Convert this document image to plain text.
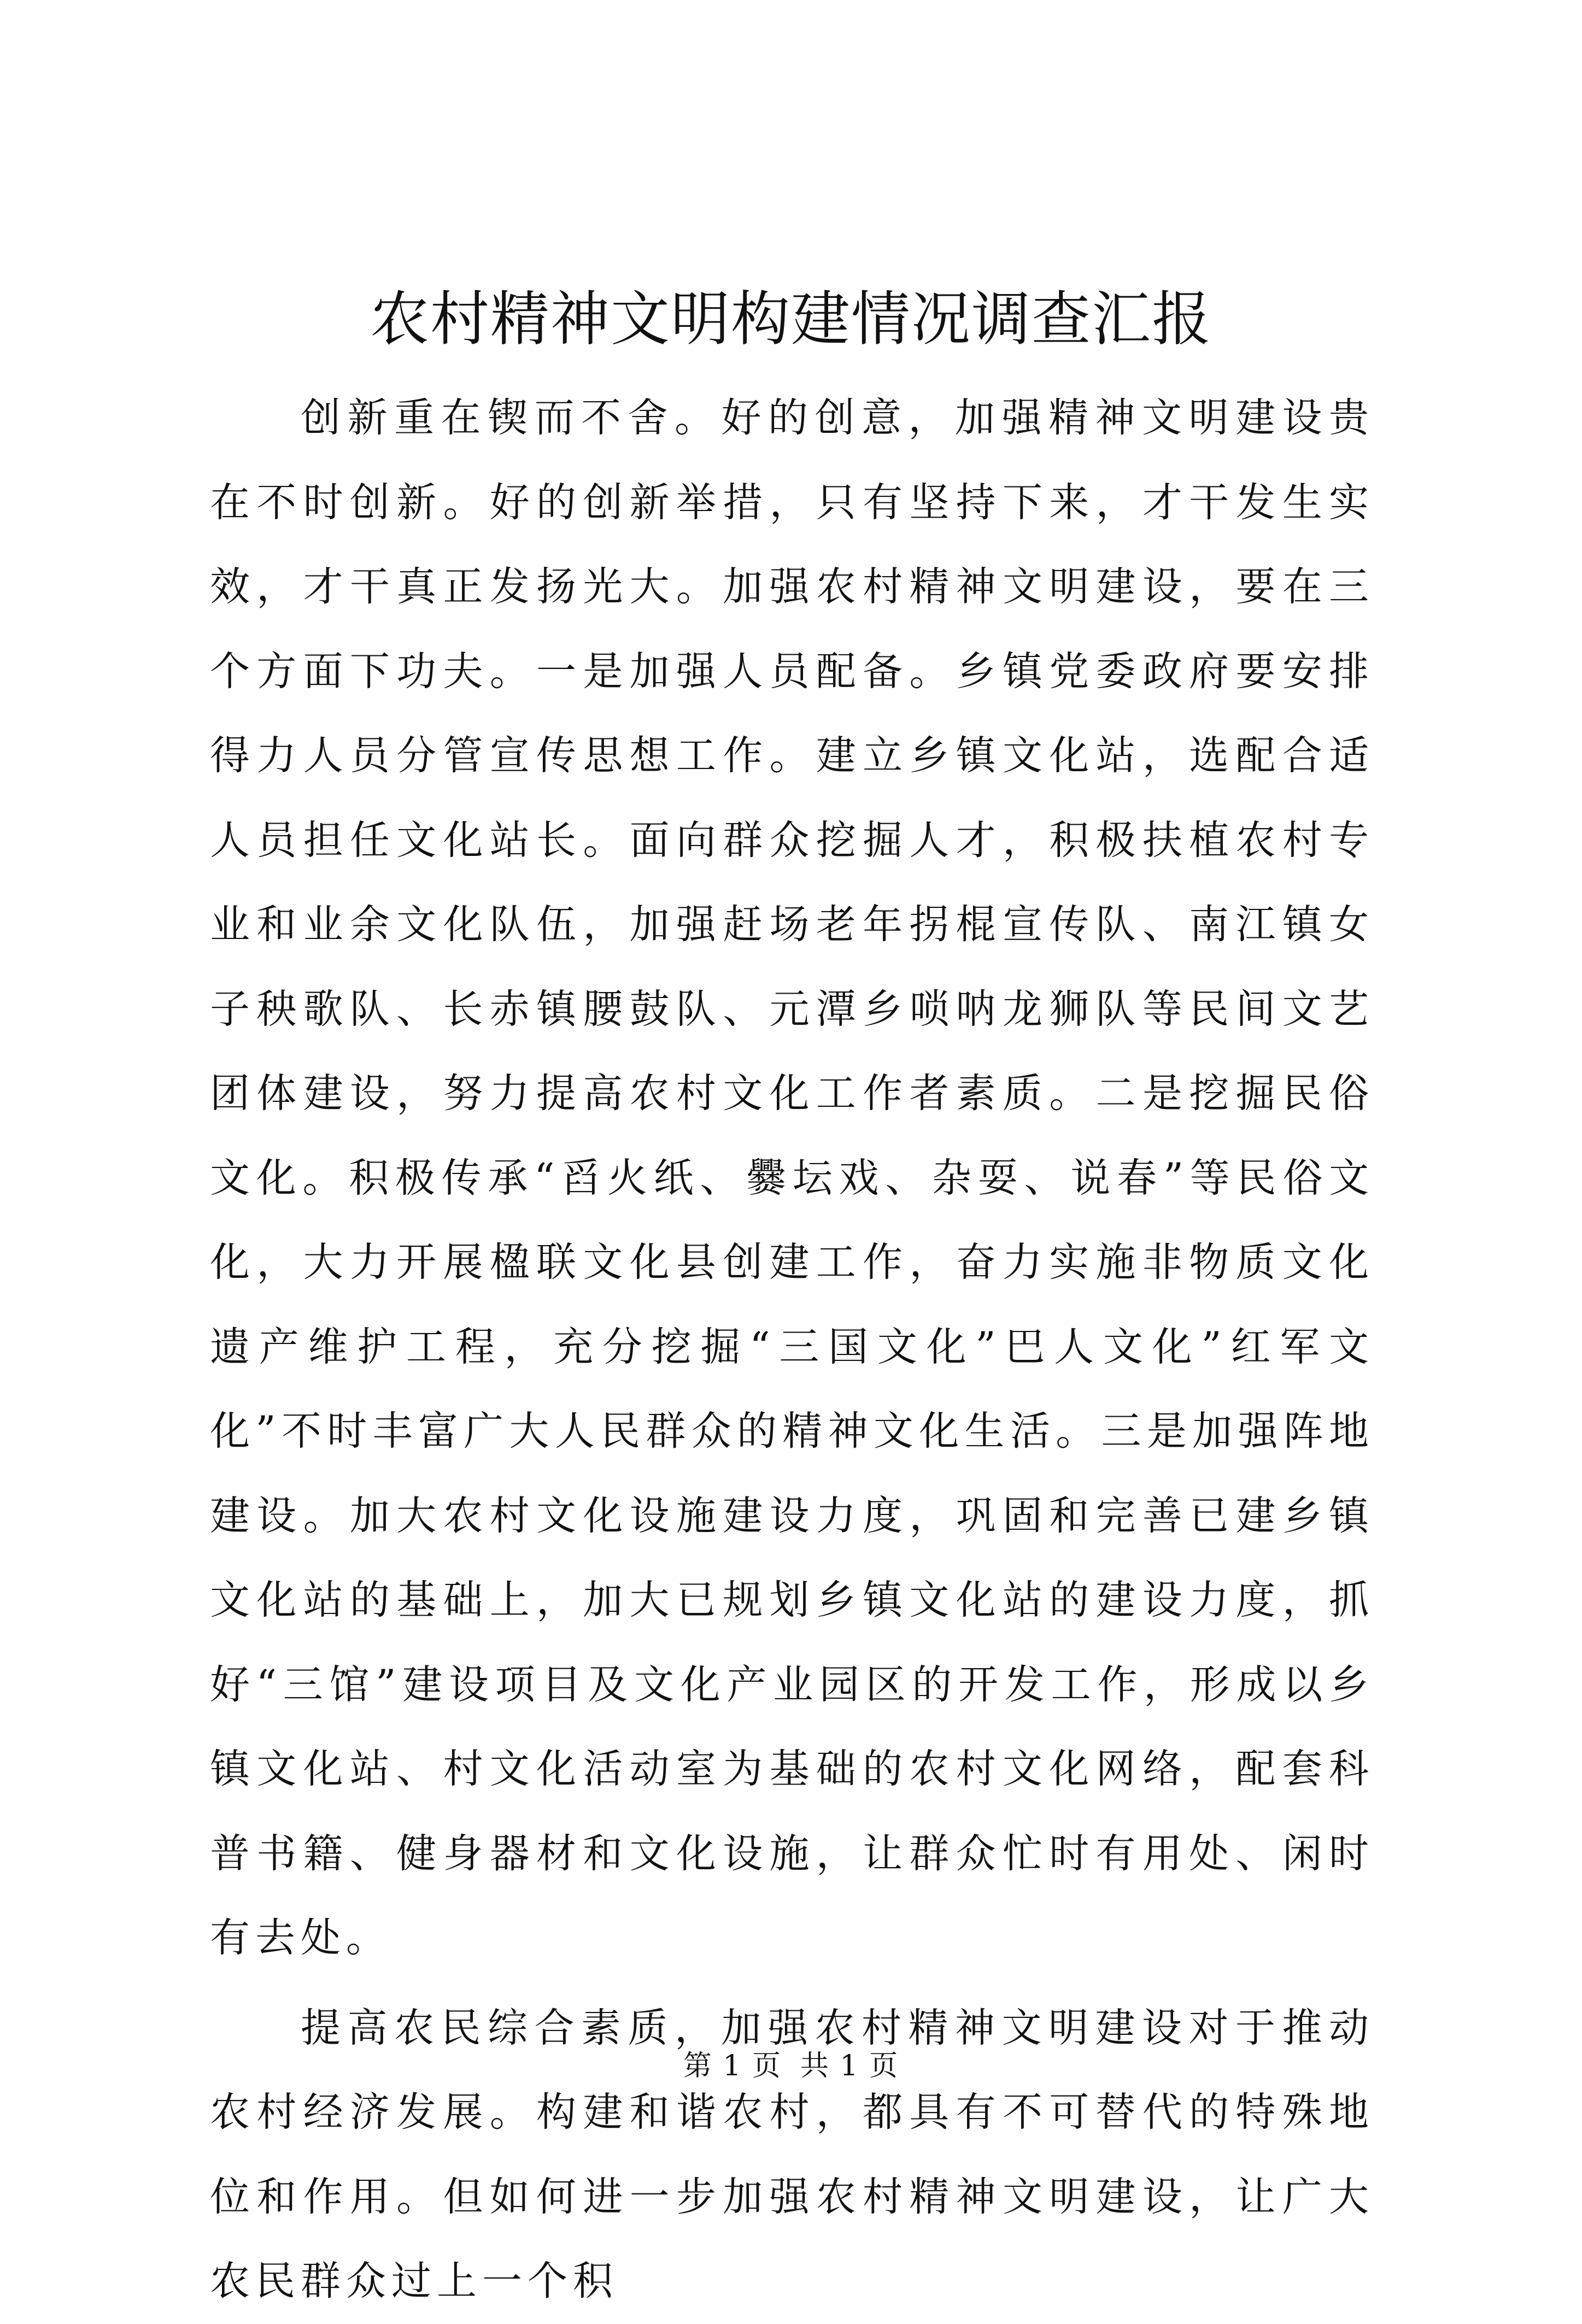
农村精神文明构建情况调查汇报

创新重在锲而不舍。好的创意，加强精神文明建设贵在不时创新。好的创新举措，只有坚持下来，才干发生实效，才干真正发扬光大。加强农村精神文明建设，要在三个方面下功夫。一是加强人员配备。乡镇党委政府要安排得力人员分管宣传思想工作。建立乡镇文化站，选配合适人员担任文化站长。面向群众挖掘人才，积极扶植农村专业和业余文化队伍，加强赶场老年拐棍宣传队、南江镇女子秧歌队、长赤镇腰鼓队、元潭乡唢呐龙狮队等民间文艺团体建设，努力提高农村文化工作者素质。二是挖掘民俗文化。积极传承“舀火纸、爨坛戏、杂耍、说春”等民俗文化，大力开展楹联文化县创建工作，奋力实施非物质文化遗产维护工程，充分挖掘“三国文化”巴人文化”红军文化”不时丰富广大人民群众的精神文化生活。三是加强阵地建设。加大农村文化设施建设力度，巩固和完善已建乡镇文化站的基础上，加大已规划乡镇文化站的建设力度，抓好“三馆”建设项目及文化产业园区的开发工作，形成以乡镇文化站、村文化活动室为基础的农村文化网络，配套科普书籍、健身器材和文化设施，让群众忙时有用处、闲时有去处。

提高农民综合素质，加强农村精神文明建设对于推动农村经济发展。构建和谐农村，都具有不可替代的特殊地位和作用。但如何进一步加强农村精神文明建设，让广大农民群众过上一个积

第 1 页 共 1 页
